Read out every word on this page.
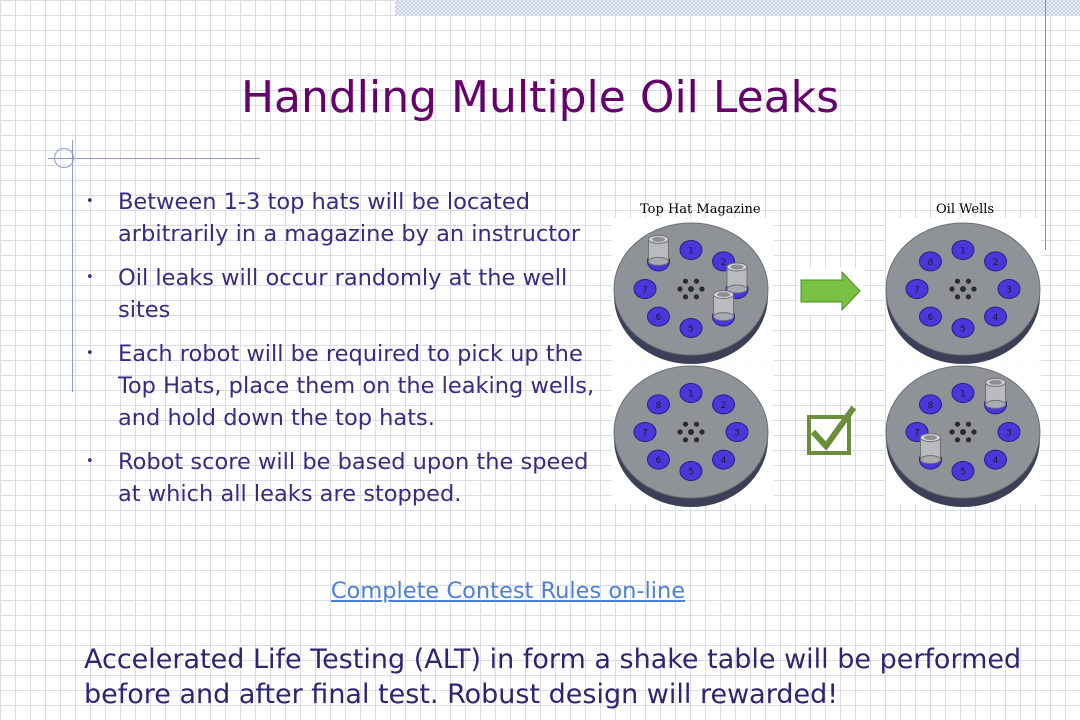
Handling Multiple Oil Leaks
• Between 1-3 top hats will be located arbitrarily in a magazine by an instructor
• Oil leaks will occur randomly at the well sites
• Each robot will be required to pick up the Top Hats, place them on the leaking wells, and hold down the top hats.
• Robot score will be based upon the speed at which all leaks are stopped.
Top Hat Magazine	Oil Wells
1
2
5
6
7
1
2
3
4
5
6
7
8
1
2
3
4
5
6
7
8
1
3
4
5
7
8
Complete Contest Rules on-line
Accelerated Life Testing (ALT) in form a shake table will be performed before and after final test. Robust design will rewarded!
